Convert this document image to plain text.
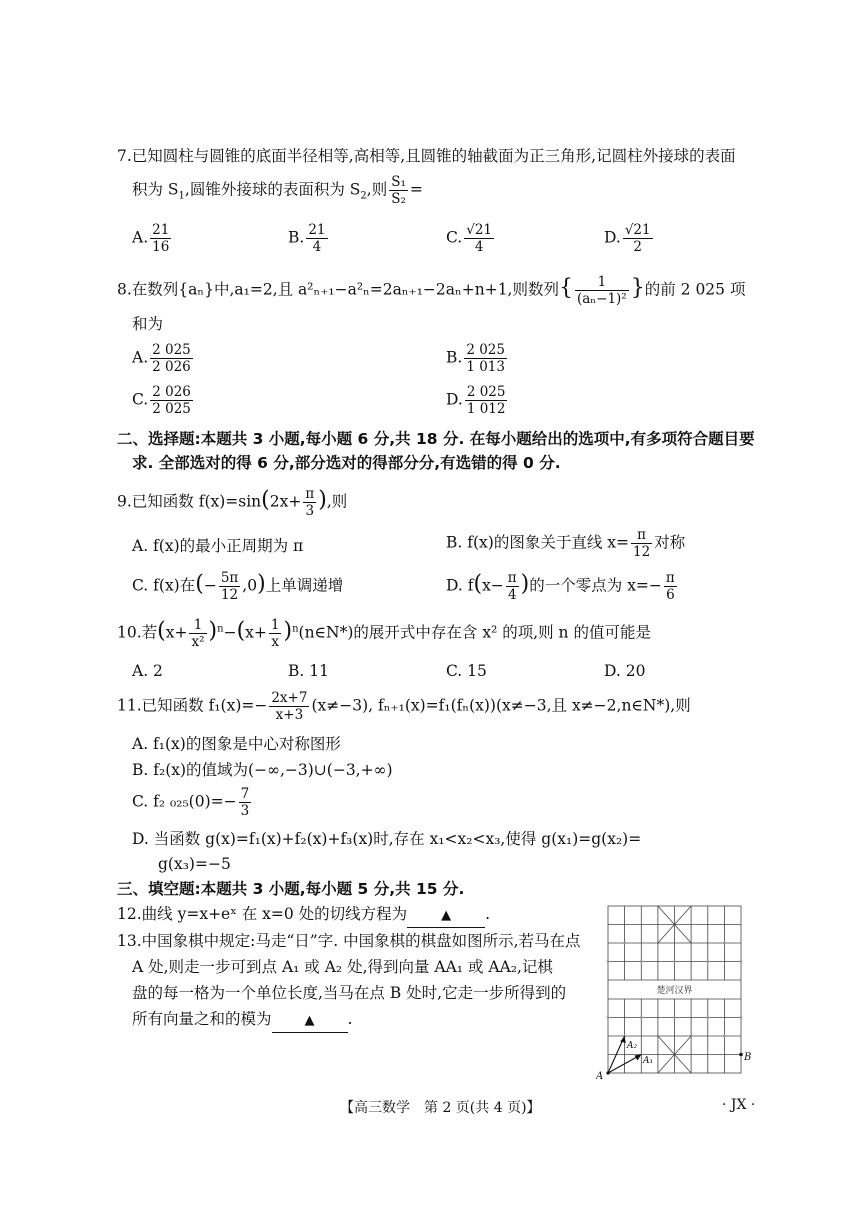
7.已知圆柱与圆锥的底面半径相等,高相等,且圆锥的轴截面为正三角形,记圆柱外接球的表面
积为 $S_1$,圆锥外接球的表面积为 $S_2$,则 $\frac{\text{S₁}}{\text{S₂}}$ =
A. $\frac{21}{16}$	B. $\frac{21}{4}$	C. $\frac{√21}{4}$	D. $\frac{√21}{2}$
8.在数列{aₙ}中,a₁=2,且 a²ₙ₊₁−a²ₙ=2aₙ₊₁−2aₙ+n+1,则数列{ $\frac{1}{\text{(aₙ−1)²}}$ }的前 2 025 项
和为
A. $\frac{2 025}{2 026}$	B. $\frac{2 025}{1 013}$
C. $\frac{2 026}{2 025}$	D. $\frac{2 025}{1 012}$
二、选择题:本题共 3 小题,每小题 6 分,共 18 分. 在每小题给出的选项中,有多项符合题目要
求. 全部选对的得 6 分,部分选对的得部分分,有选错的得 0 分.
9.已知函数 $f(x)=\sin(2x+ \frac{\pi}{3}$ ),则
A. f(x)的最小正周期为 π	B. f(x)的图象关于直线 $x= \frac{\pi}{12}$ 对称
C. f(x)在(− $\frac{5\pi}{12} ,0$)上单调递增	D. $f(x- \frac{\pi}{4}$ )的一个零点为 $x=- \frac{\pi}{6}$
10.若$(x+ \frac{1}{\text{x²}} )^n-(x+ \frac{1}{x}$ )$^n(n\in N*)$的展开式中存在含 x² 的项,则 n 的值可能是
A. 2	B. 11	C. 15	D. 20
11.已知函数 $f_1(x)=- \frac{2x+7}{x+3} (x\ne-3)$, fₙ₊₁(x)=f₁(fₙ(x))(x≠−3,且 x≠−2,n∈N*),则
A. f₁(x)的图象是中心对称图形
B. f₂(x)的值域为(−∞,−3)∪(−3,+∞)
C. f₂ $_{025}(0)=- \frac{7}{3}$
D. 当函数 g(x)=f₁(x)+f₂(x)+f₃(x)时,存在 x₁<x₂<x₃,使得 g(x₁)=g(x₂)=
g(x₃)=−5
三、填空题:本题共 3 小题,每小题 5 分,共 15 分.
12.曲线 y=x+eˣ 在 x=0 处的切线方程为	▲ .
13.中国象棋中规定:马走“日”字. 中国象棋的棋盘如图所示,若马在点
A 处,则走一步可到点 A₁ 或 A₂ 处,得到向量 AA₁ 或 AA₂,记棋
盘的每一格为一个单位长度,当马在点 B 处时,它走一步所得到的
所有向量之和的模为	▲ .
楚河汉界
A
A₁
A₂
B
【高三数学　第 2 页(共 4 页)】	· JX ·
